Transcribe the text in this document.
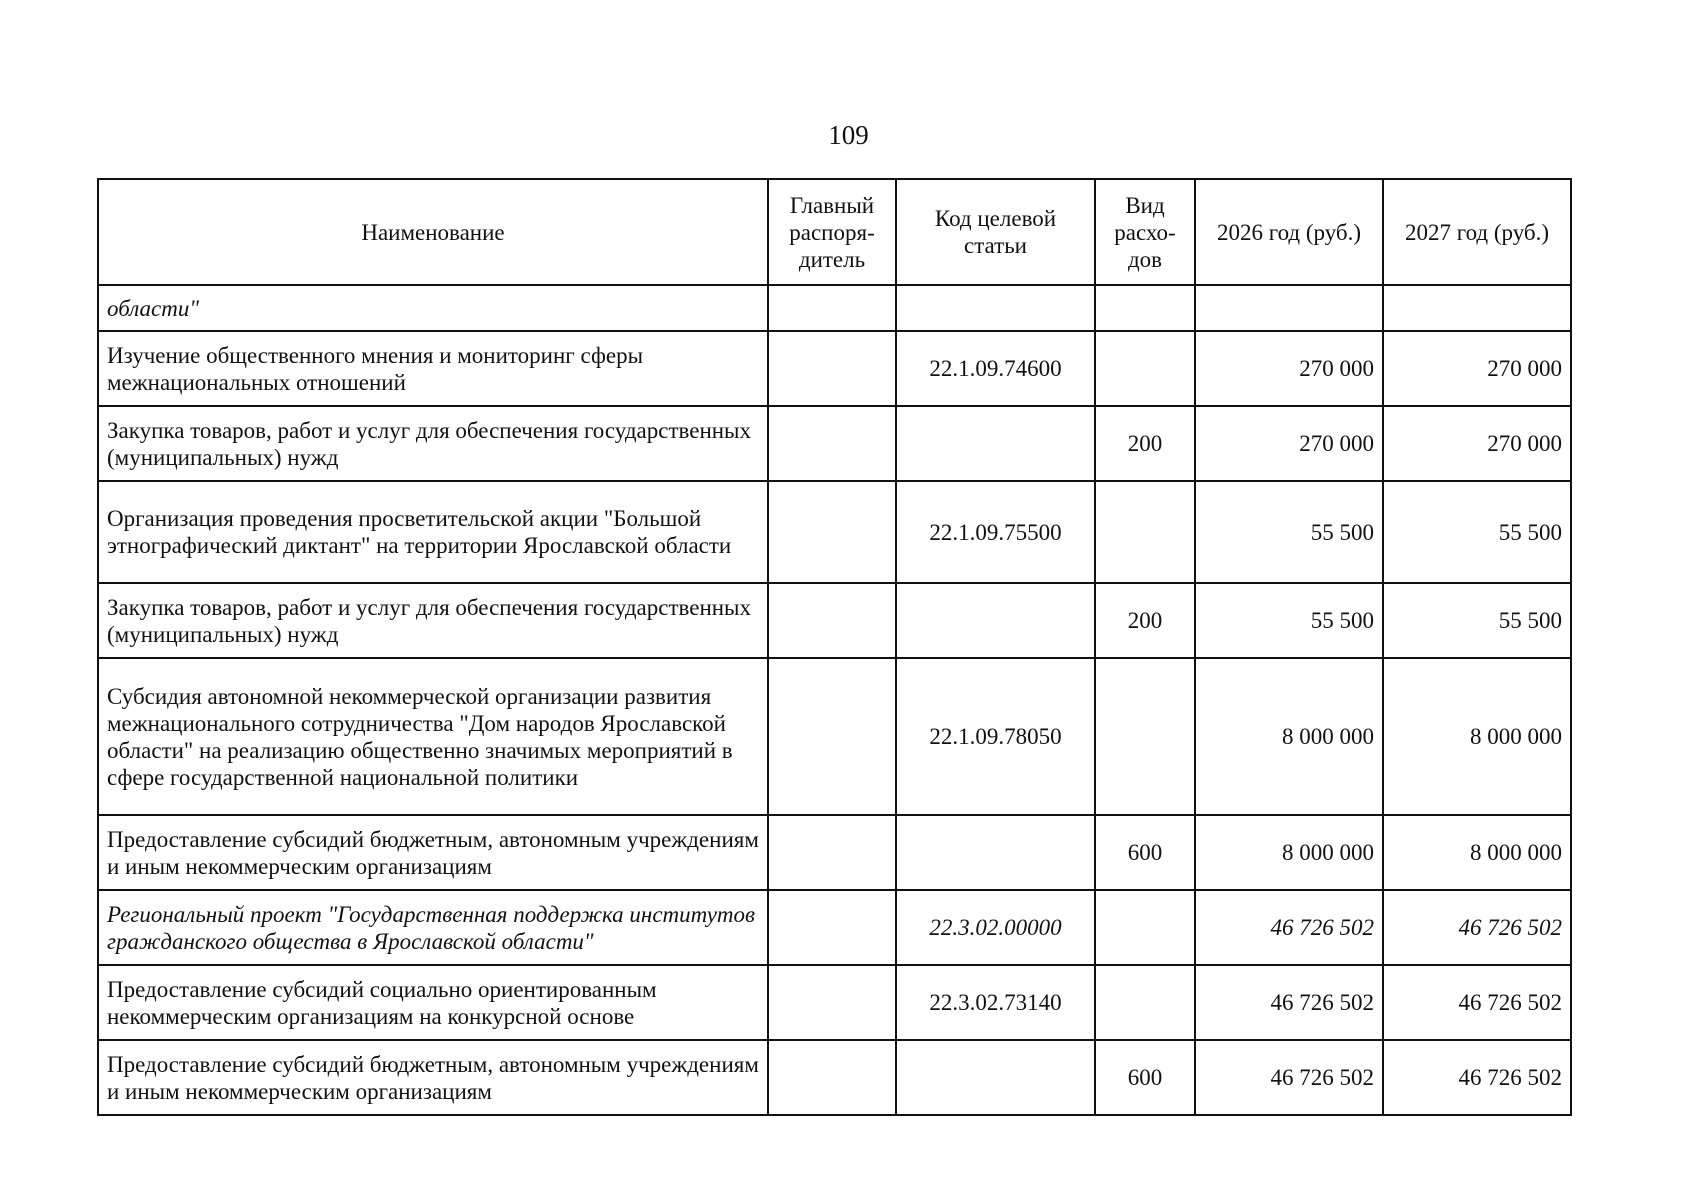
109
Наименование	Главный распоря- дитель	Код целевой статьи	Вид расхо- дов	2026 год (руб.)	2027 год (руб.)
области"					
Изучение общественного мнения и мониторинг сферы межнациональных отношений		22.1.09.74600		270 000	270 000
Закупка товаров, работ и услуг для обеспечения государственных (муниципальных) нужд			200	270 000	270 000
Организация проведения просветительской акции "Большой этнографический диктант" на территории Ярославской области		22.1.09.75500		55 500	55 500
Закупка товаров, работ и услуг для обеспечения государственных (муниципальных) нужд			200	55 500	55 500
Субсидия автономной некоммерческой организации развития межнационального сотрудничества "Дом народов Ярославской области" на реализацию общественно значимых мероприятий в сфере государственной национальной политики		22.1.09.78050		8 000 000	8 000 000
Предоставление субсидий бюджетным, автономным учреждениям и иным некоммерческим организациям			600	8 000 000	8 000 000
Региональный проект "Государственная поддержка институтов гражданского общества в Ярославской области"		22.3.02.00000		46 726 502	46 726 502
Предоставление субсидий социально ориентированным некоммерческим организациям на конкурсной основе		22.3.02.73140		46 726 502	46 726 502
Предоставление субсидий бюджетным, автономным учреждениям и иным некоммерческим организациям			600	46 726 502	46 726 502
